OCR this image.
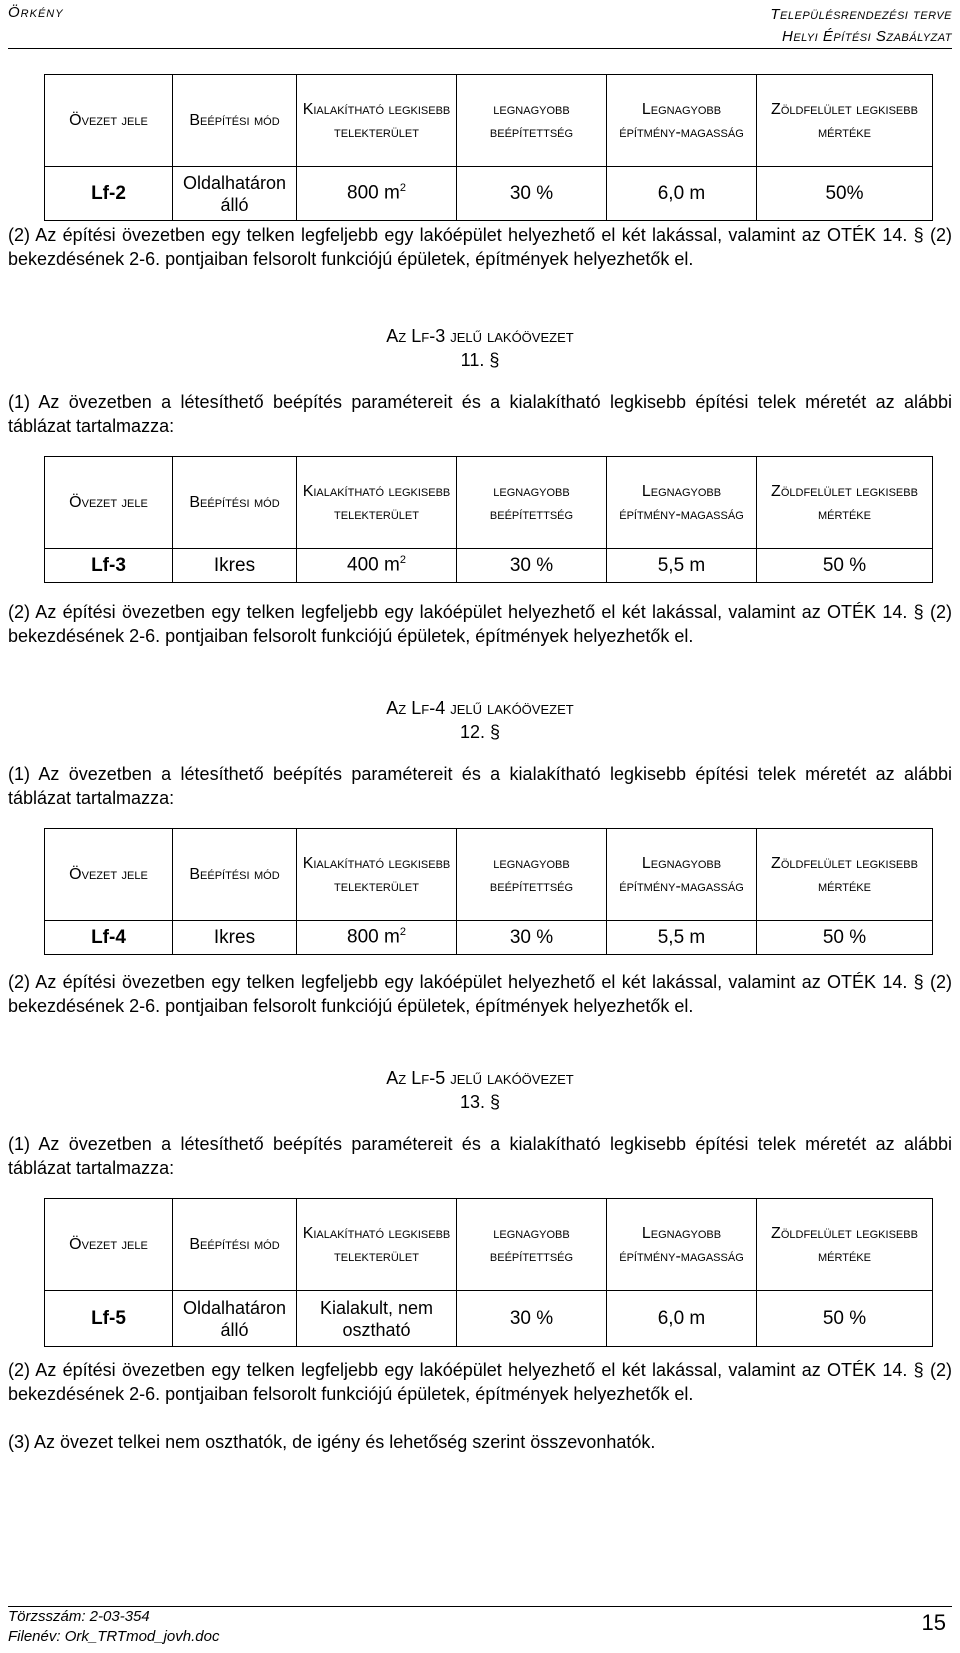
Örkény	Településrendezési terve
Helyi Építési Szabályzat
Övezet jele	Beépítési mód	Kialakítható legkisebb telekterület	legnagyobb beépítettség	Legnagyobb építmény-magasság	Zöldfelület legkisebb mértéke
Lf-2	Oldalhatáron álló	800 $m^2$	30 %	6,0 m	50%
(2) Az építési övezetben egy telken legfeljebb egy lakóépület helyezhető el két lakással, valamint az OTÉK 14. § (2) bekezdésének 2-6. pontjaiban felsorolt funkciójú épületek, építmények helyezhetők el.
Az Lf-3 jelű lakóövezet
11. §
(1) Az övezetben a létesíthető beépítés paramétereit és a kialakítható legkisebb építési telek méretét az alábbi táblázat tartalmazza:
Övezet jele	Beépítési mód	Kialakítható legkisebb telekterület	legnagyobb beépítettség	Legnagyobb építmény-magasság	Zöldfelület legkisebb mértéke
Lf-3	Ikres	400 $m^2$	30 %	5,5 m	50 %
(2) Az építési övezetben egy telken legfeljebb egy lakóépület helyezhető el két lakással, valamint az OTÉK 14. § (2) bekezdésének 2-6. pontjaiban felsorolt funkciójú épületek, építmények helyezhetők el.
Az Lf-4 jelű lakóövezet
12. §
(1) Az övezetben a létesíthető beépítés paramétereit és a kialakítható legkisebb építési telek méretét az alábbi táblázat tartalmazza:
Övezet jele	Beépítési mód	Kialakítható legkisebb telekterület	legnagyobb beépítettség	Legnagyobb építmény-magasság	Zöldfelület legkisebb mértéke
Lf-4	Ikres	800 $m^2$	30 %	5,5 m	50 %
(2) Az építési övezetben egy telken legfeljebb egy lakóépület helyezhető el két lakással, valamint az OTÉK 14. § (2) bekezdésének 2-6. pontjaiban felsorolt funkciójú épületek, építmények helyezhetők el.
Az Lf-5 jelű lakóövezet
13. §
(1) Az övezetben a létesíthető beépítés paramétereit és a kialakítható legkisebb építési telek méretét az alábbi táblázat tartalmazza:
Övezet jele	Beépítési mód	Kialakítható legkisebb telekterület	legnagyobb beépítettség	Legnagyobb építmény-magasság	Zöldfelület legkisebb mértéke
Lf-5	Oldalhatáron álló	Kialakult, nem osztható	30 %	6,0 m	50 %
(2) Az építési övezetben egy telken legfeljebb egy lakóépület helyezhető el két lakással, valamint az OTÉK 14. § (2) bekezdésének 2-6. pontjaiban felsorolt funkciójú épületek, építmények helyezhetők el.
(3) Az övezet telkei nem oszthatók, de igény és lehetőség szerint összevonhatók.
Törzsszám: 2-03-354
Filenév: Ork_TRTmod_jovh.doc
15
